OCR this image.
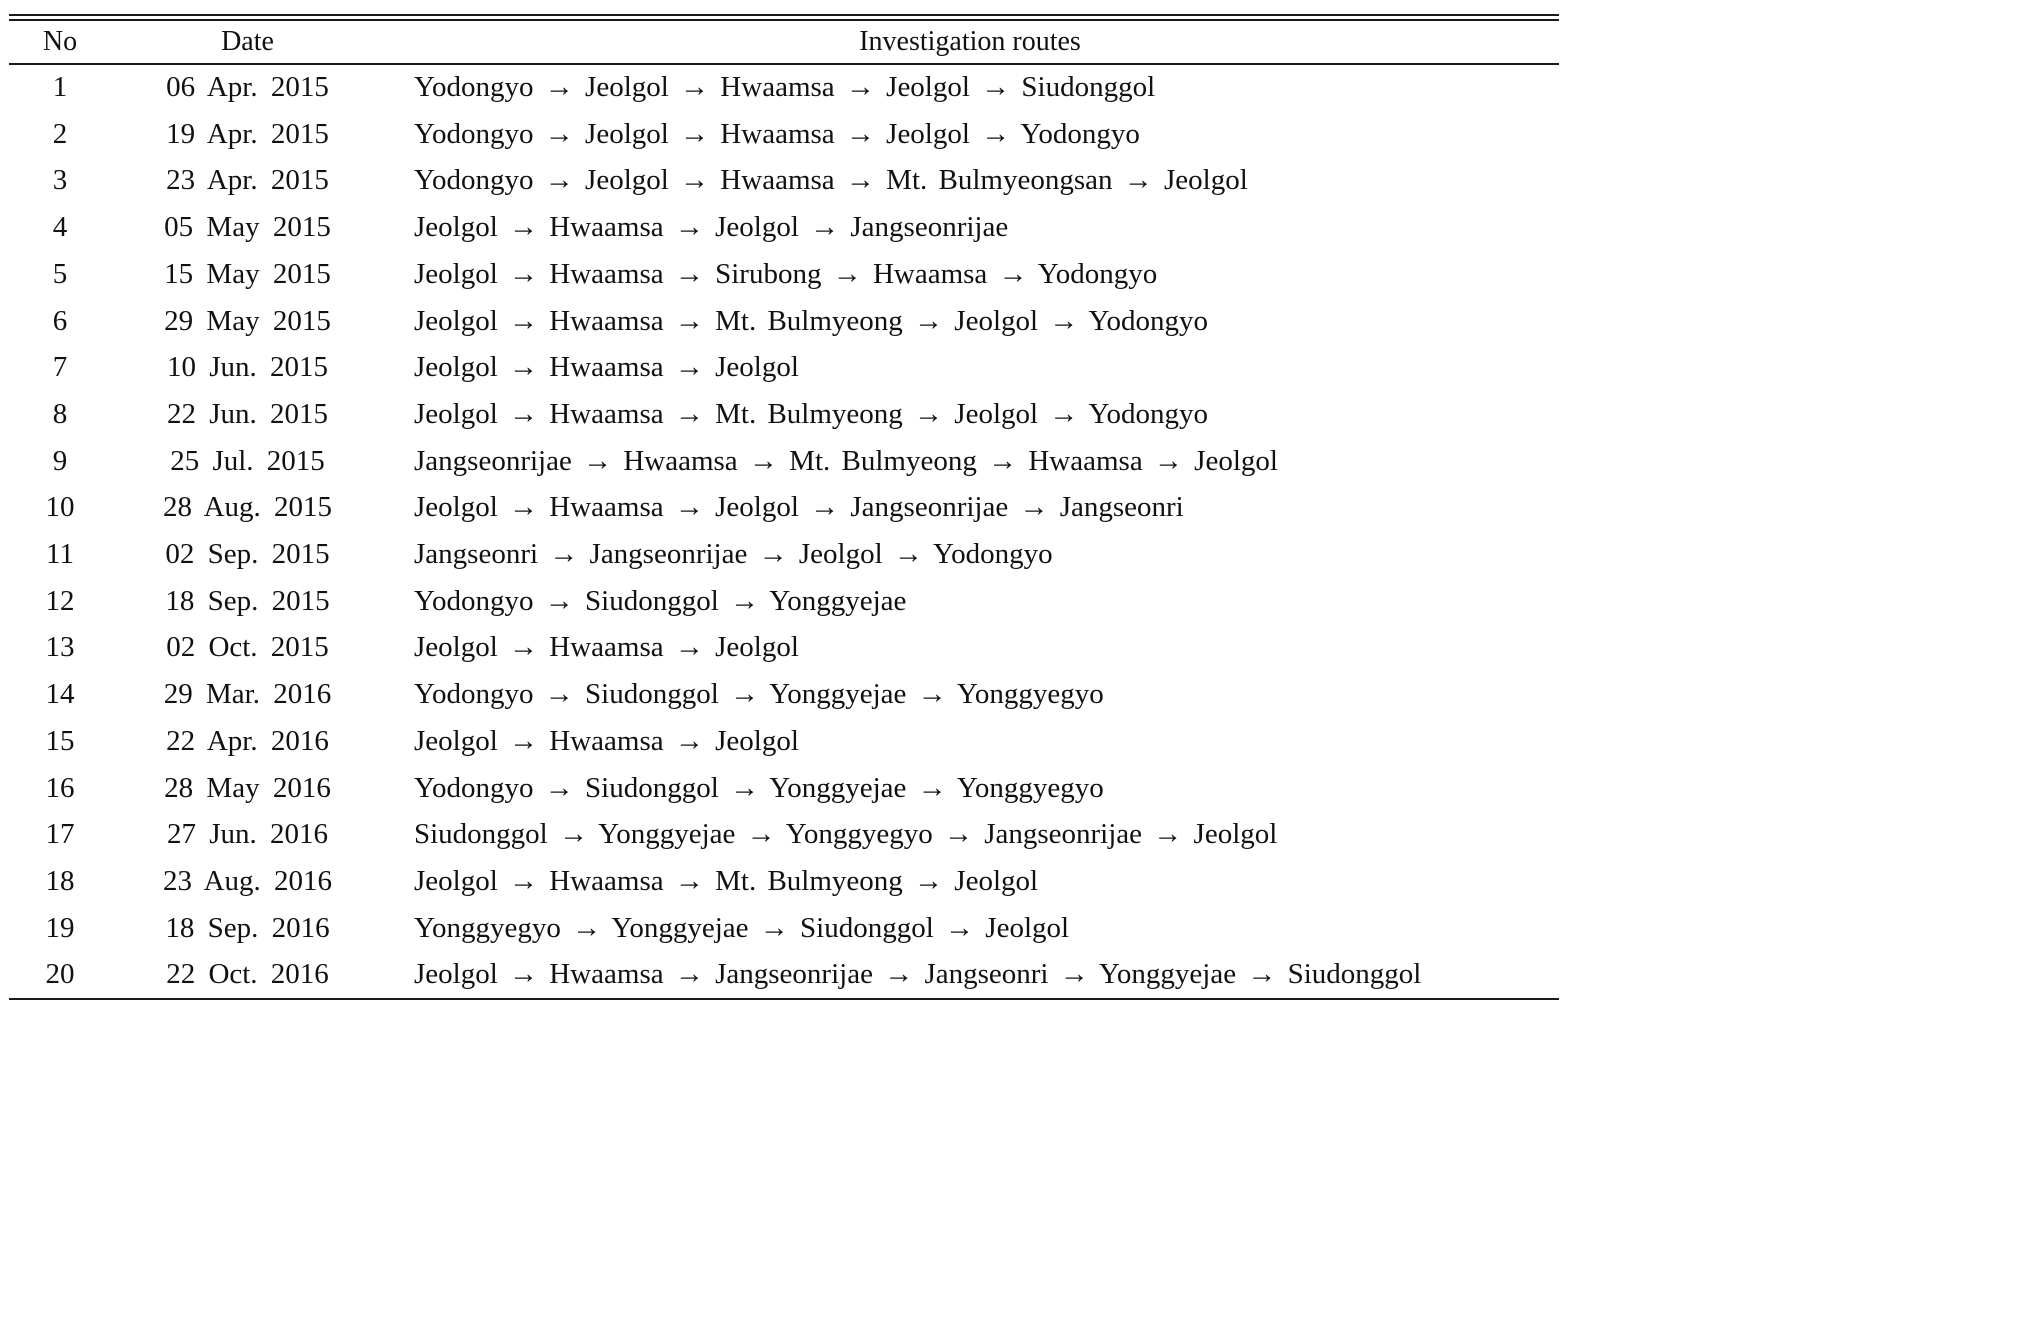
No	Date	Investigation routes
1	06 Apr. 2015	Yodongyo → Jeolgol → Hwaamsa → Jeolgol → Siudonggol
2	19 Apr. 2015	Yodongyo → Jeolgol → Hwaamsa → Jeolgol → Yodongyo
3	23 Apr. 2015	Yodongyo → Jeolgol → Hwaamsa → Mt. Bulmyeongsan → Jeolgol
4	05 May 2015	Jeolgol → Hwaamsa → Jeolgol → Jangseonrijae
5	15 May 2015	Jeolgol → Hwaamsa → Sirubong → Hwaamsa → Yodongyo
6	29 May 2015	Jeolgol → Hwaamsa → Mt. Bulmyeong → Jeolgol → Yodongyo
7	10 Jun. 2015	Jeolgol → Hwaamsa → Jeolgol
8	22 Jun. 2015	Jeolgol → Hwaamsa → Mt. Bulmyeong → Jeolgol → Yodongyo
9	25 Jul. 2015	Jangseonrijae → Hwaamsa → Mt. Bulmyeong → Hwaamsa → Jeolgol
10	28 Aug. 2015	Jeolgol → Hwaamsa → Jeolgol → Jangseonrijae → Jangseonri
11	02 Sep. 2015	Jangseonri → Jangseonrijae → Jeolgol → Yodongyo
12	18 Sep. 2015	Yodongyo → Siudonggol → Yonggyejae
13	02 Oct. 2015	Jeolgol → Hwaamsa → Jeolgol
14	29 Mar. 2016	Yodongyo → Siudonggol → Yonggyejae → Yonggyegyo
15	22 Apr. 2016	Jeolgol → Hwaamsa → Jeolgol
16	28 May 2016	Yodongyo → Siudonggol → Yonggyejae → Yonggyegyo
17	27 Jun. 2016	Siudonggol → Yonggyejae → Yonggyegyo → Jangseonrijae → Jeolgol
18	23 Aug. 2016	Jeolgol → Hwaamsa → Mt. Bulmyeong → Jeolgol
19	18 Sep. 2016	Yonggyegyo → Yonggyejae → Siudonggol → Jeolgol
20	22 Oct. 2016	Jeolgol → Hwaamsa → Jangseonrijae → Jangseonri → Yonggyejae → Siudonggol
